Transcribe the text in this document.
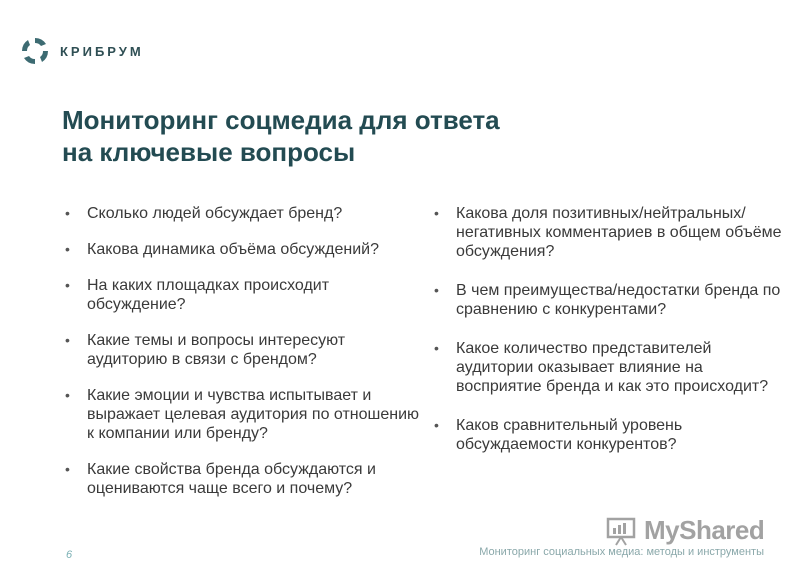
КРИБРУМ
Мониторинг соцмедиа для ответа
на ключевые вопросы
• Сколько людей обсуждает бренд?
• Какова динамика объёма обсуждений?
• На каких площадках происходит обсуждение?
• Какие темы и вопросы интересуют аудиторию в связи с брендом?
• Какие эмоции и чувства испытывает и выражает целевая аудитория по отношению к компании или бренду?
• Какие свойства бренда обсуждаются и оцениваются чаще всего и почему?
• Какова доля позитивных/нейтральных/негативных комментариев в общем объёме обсуждения?
• В чем преимущества/недостатки бренда по сравнению с конкурентами?
• Какое количество представителей аудитории оказывает влияние на восприятие бренда и как это происходит?
• Каков сравнительный уровень обсуждаемости конкурентов?
6
MyShared
Мониторинг социальных медиа: методы и инструменты
